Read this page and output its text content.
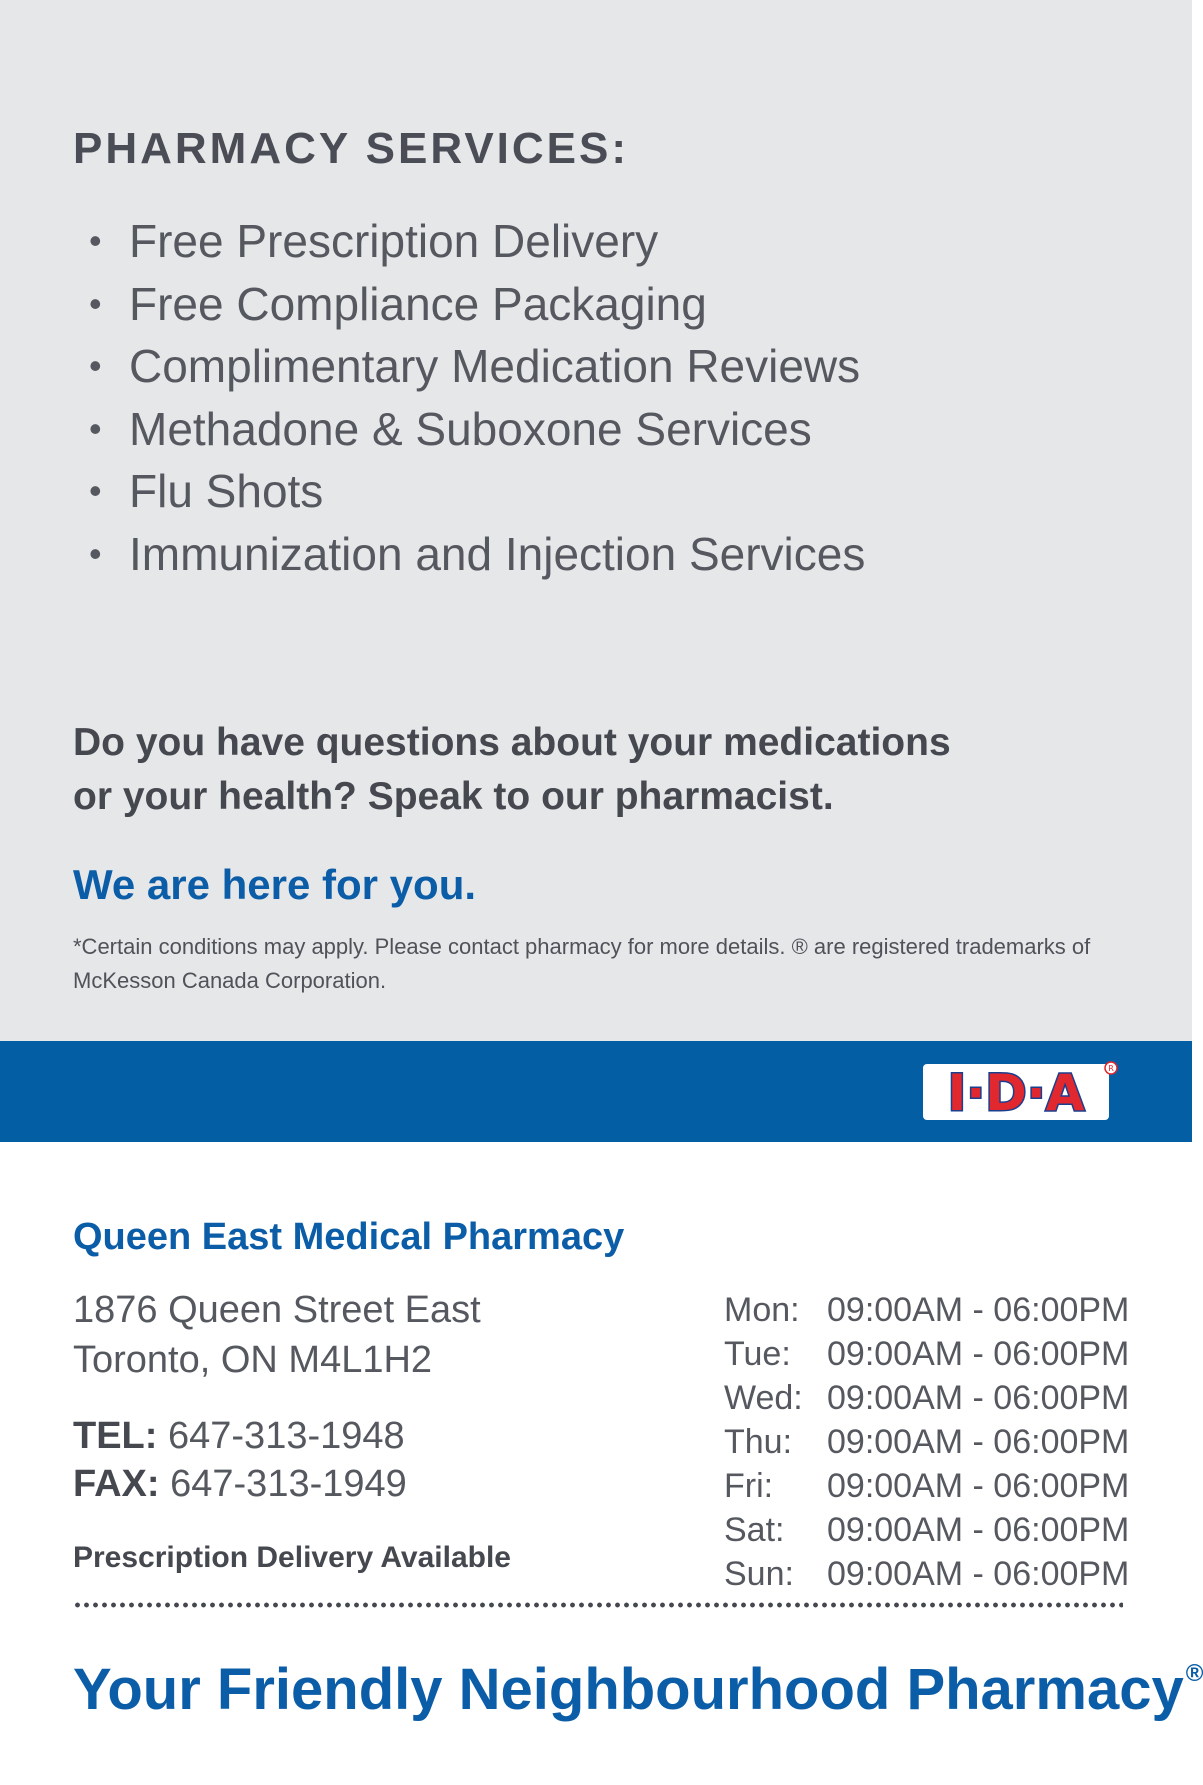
PHARMACY SERVICES:
• Free Prescription Delivery
• Free Compliance Packaging
• Complimentary Medication Reviews
• Methadone & Suboxone Services
• Flu Shots
• Immunization and Injection Services
Do you have questions about your medications
or your health? Speak to our pharmacist.
We are here for you.
*Certain conditions may apply. Please contact pharmacy for more details. ® are registered trademarks of McKesson Canada Corporation.
I·D·A	R
Queen East Medical Pharmacy
1876 Queen Street East
Toronto, ON M4L1H2
TEL: 647-313-1948
FAX: 647-313-1949
Prescription Delivery Available
Mon: 09:00AM - 06:00PM
Tue: 09:00AM - 06:00PM
Wed: 09:00AM - 06:00PM
Thu: 09:00AM - 06:00PM
Fri: 09:00AM - 06:00PM
Sat: 09:00AM - 06:00PM
Sun: 09:00AM - 06:00PM
Your Friendly Neighbourhood Pharmacy®
